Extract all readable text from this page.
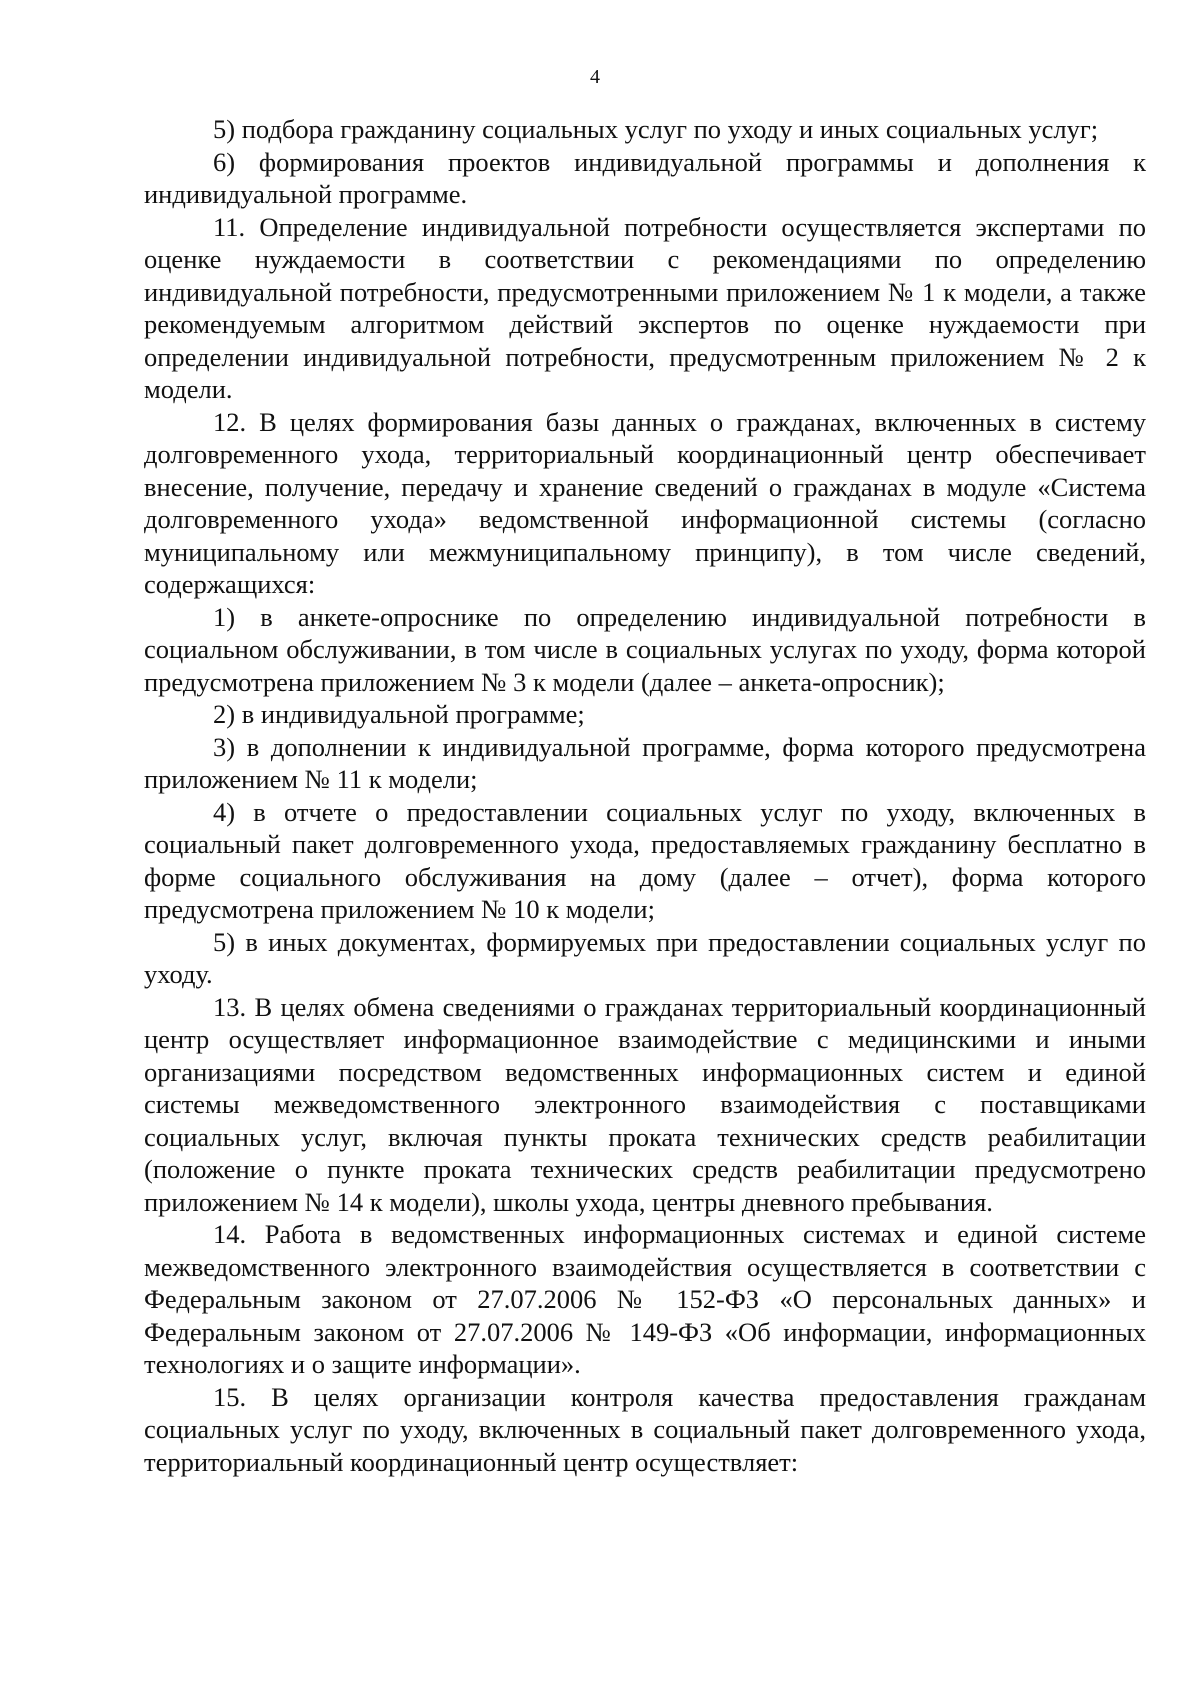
4

5) подбора гражданину социальных услуг по уходу и иных социальных услуг;

6) формирования проектов индивидуальной программы и дополнения к индивидуальной программе.

11. Определение индивидуальной потребности осуществляется экспертами по оценке нуждаемости в соответствии с рекомендациями по определению индивидуальной потребности, предусмотренными приложением № 1 к модели, а также рекомендуемым алгоритмом действий экспертов по оценке нуждаемости при определении индивидуальной потребности, предусмотренным приложением № 2 к модели.

12. В целях формирования базы данных о гражданах, включенных в систему долговременного ухода, территориальный координационный центр обеспечивает внесение, получение, передачу и хранение сведений о гражданах в модуле «Система долговременного ухода» ведомственной информационной системы (согласно муниципальному или межмуниципальному принципу), в том числе сведений, содержащихся:

1) в анкете-опроснике по определению индивидуальной потребности в социальном обслуживании, в том числе в социальных услугах по уходу, форма которой предусмотрена приложением № 3 к модели (далее – анкета-опросник);

2) в индивидуальной программе;

3) в дополнении к индивидуальной программе, форма которого предусмотрена приложением № 11 к модели;

4) в отчете о предоставлении социальных услуг по уходу, включенных в социальный пакет долговременного ухода, предоставляемых гражданину бесплатно в форме социального обслуживания на дому (далее – отчет), форма которого предусмотрена приложением № 10 к модели;

5) в иных документах, формируемых при предоставлении социальных услуг по уходу.

13. В целях обмена сведениями о гражданах территориальный координационный центр осуществляет информационное взаимодействие с медицинскими и иными организациями посредством ведомственных информационных систем и единой системы межведомственного электронного взаимодействия с поставщиками социальных услуг, включая пункты проката технических средств реабилитации (положение о пункте проката технических средств реабилитации предусмотрено приложением № 14 к модели), школы ухода, центры дневного пребывания.

14. Работа в ведомственных информационных системах и единой системе межведомственного электронного взаимодействия осуществляется в соответствии с Федеральным законом от 27.07.2006 № 152-ФЗ «О персональных данных» и Федеральным законом от 27.07.2006 № 149-ФЗ «Об информации, информационных технологиях и о защите информации».

15. В целях организации контроля качества предоставления гражданам социальных услуг по уходу, включенных в социальный пакет долговременного ухода, территориальный координационный центр осуществляет:
